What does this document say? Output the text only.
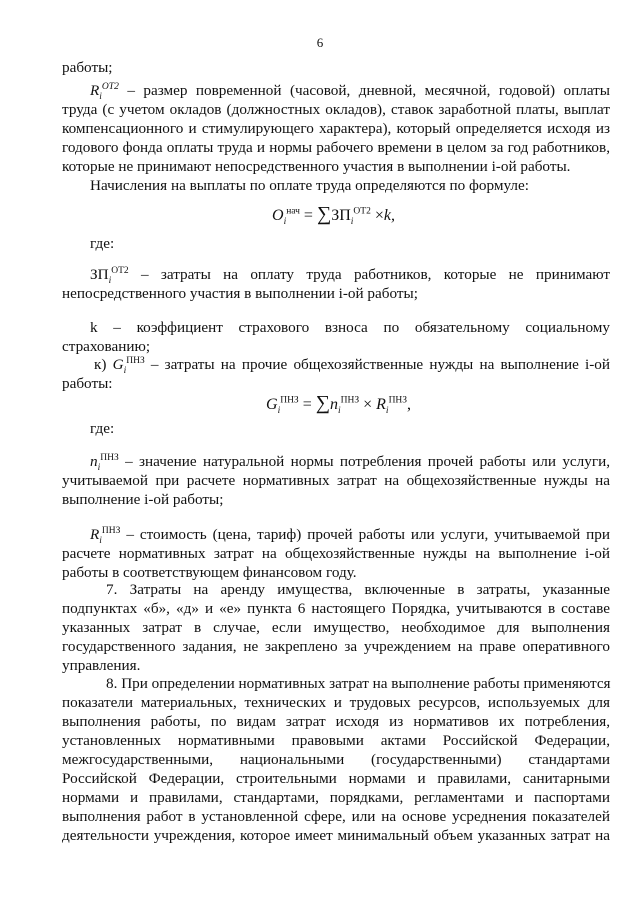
6
работы;
$R_i^{ОТ2}$ – размер повременной (часовой, дневной, месячной, годовой) оплаты
труда (с учетом окладов (должностных окладов), ставок заработной платы, выплат
компенсационного и стимулирующего характера), который определяется исходя из
годового фонда оплаты труда и нормы рабочего времени в целом за год работников,
которые не принимают непосредственного участия в выполнении i-ой работы.
Начисления на выплаты по оплате труда определяются по формуле:
$O_i^{нач} = \sum ЗП_i^{ОТ2} \times k$,
где:
$ЗП_i^{ОТ2}$ – затраты на оплату труда работников, которые не принимают
непосредственного участия в выполнении i-ой работы;
k – коэффициент страхового взноса по обязательному социальному
страхованию;
к) $G_i^{ПНЗ}$ – затраты на прочие общехозяйственные нужды на выполнение i-ой
работы:
$G_i^{ПНЗ} = \sum n_i^{ПНЗ} \times R_i^{ПНЗ}$,
где:
$n_i^{ПНЗ}$ – значение натуральной нормы потребления прочей работы или услуги,
учитываемой при расчете нормативных затрат на общехозяйственные нужды на
выполнение i-ой работы;
$R_i^{ПНЗ}$ – стоимость (цена, тариф) прочей работы или услуги, учитываемой при
расчете нормативных затрат на общехозяйственные нужды на выполнение i-ой
работы в соответствующем финансовом году.
7. Затраты на аренду имущества, включенные в затраты, указанные
подпунктах «б», «д» и «е» пункта 6 настоящего Порядка, учитываются в составе
указанных затрат в случае, если имущество, необходимое для выполнения
государственного задания, не закреплено за учреждением на праве оперативного
управления.
8. При определении нормативных затрат на выполнение работы применяются
показатели материальных, технических и трудовых ресурсов, используемых для
выполнения работы, по видам затрат исходя из нормативов их потребления,
установленных нормативными правовыми актами Российской Федерации,
межгосударственными, национальными (государственными) стандартами
Российской Федерации, строительными нормами и правилами, санитарными
нормами и правилами, стандартами, порядками, регламентами и паспортами
выполнения работ в установленной сфере, или на основе усреднения показателей
деятельности учреждения, которое имеет минимальный объем указанных затрат на
